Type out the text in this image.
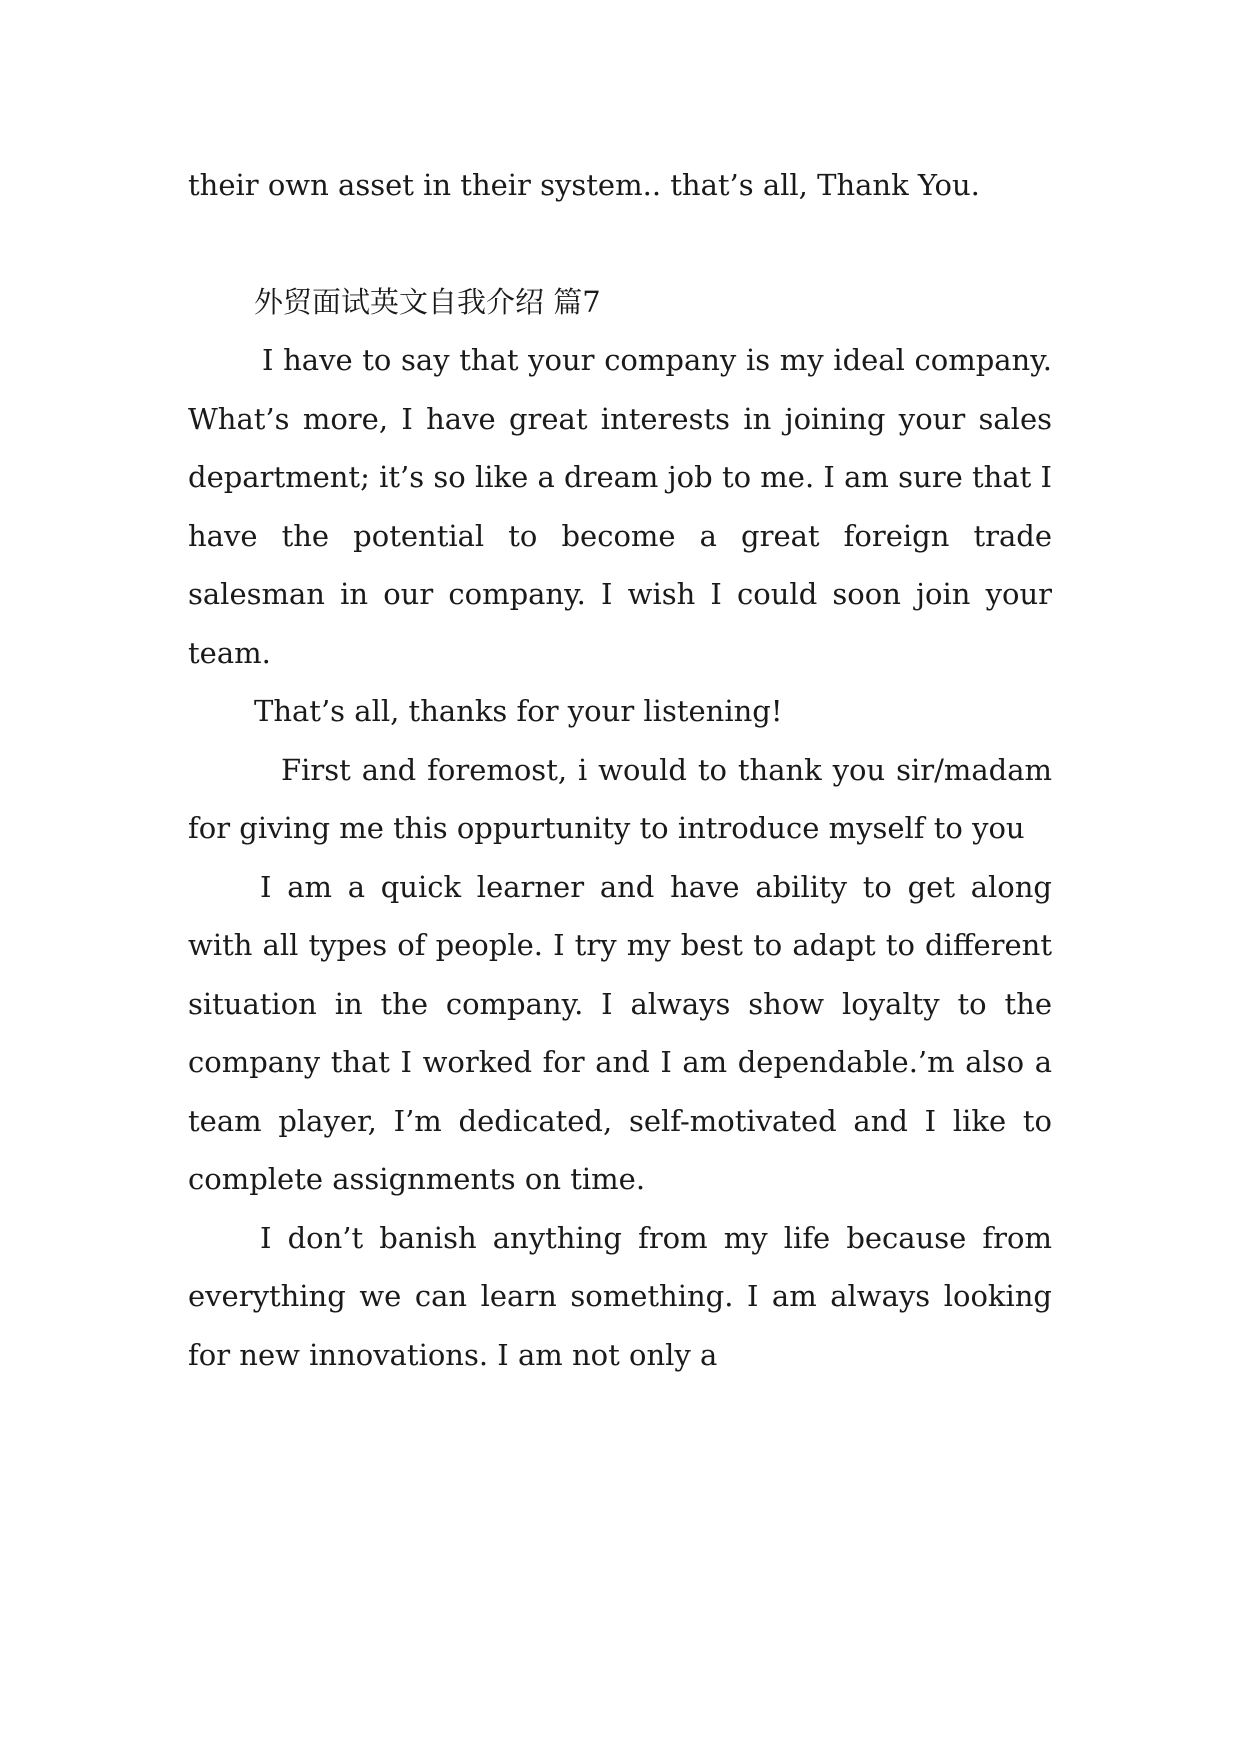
their own asset in their system.. that’s all, Thank You.

外贸面试英文自我介绍 篇7

I have to say that your company is my ideal company. What’s more, I have great interests in joining your sales department; it’s so like a dream job to me. I am sure that I have the potential to become a great foreign trade salesman in our company. I wish I could soon join your team.

That’s all, thanks for your listening!

First and foremost, i would to thank you sir/madam for giving me this oppurtunity to introduce myself to you

I am a quick learner and have ability to get along with all types of people. I try my best to adapt to different situation in the company. I always show loyalty to the company that I worked for and I am dependable.’m also a team player, I’m dedicated, self-motivated and I like to complete assignments on time.

I don’t banish anything from my life because from everything we can learn something. I am always looking for new innovations. I am not only a
